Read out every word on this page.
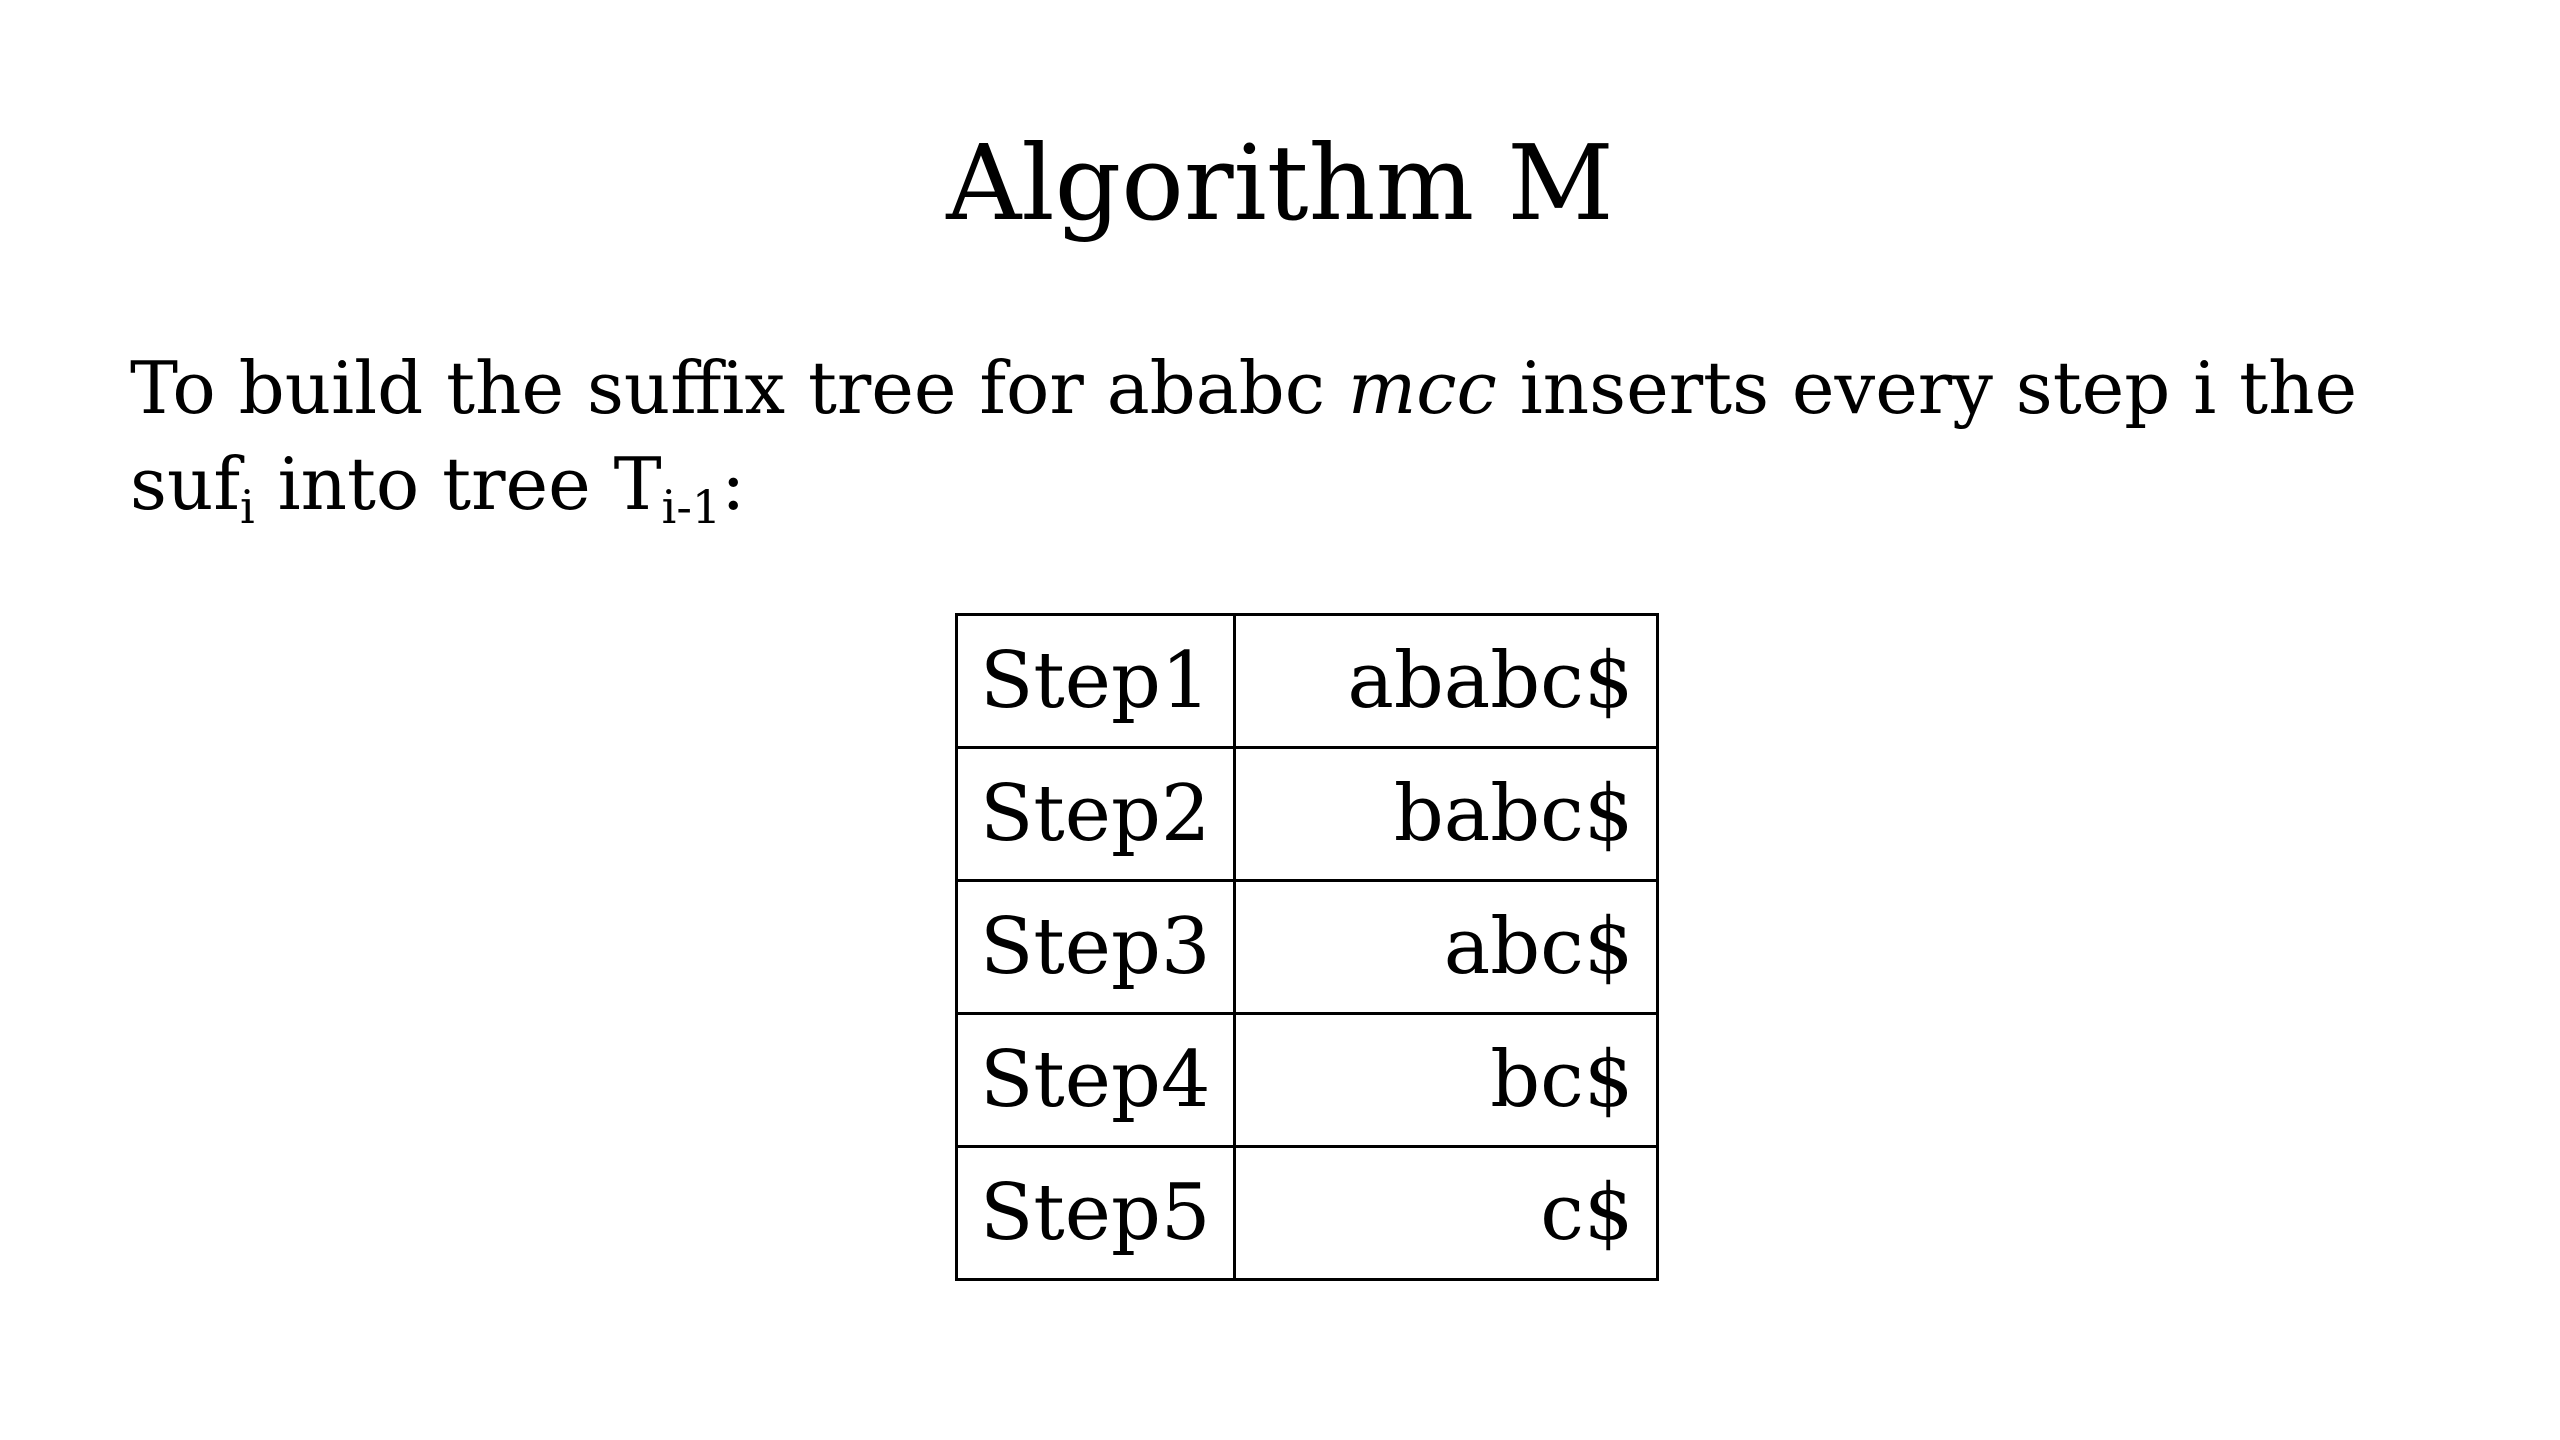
Algorithm M

To build the suffix tree for ababc mcc inserts every step i the suf$_i$ into tree $T_{i-1}$:

Step1	ababc$
Step2	babc$
Step3	abc$
Step4	bc$
Step5	c$
